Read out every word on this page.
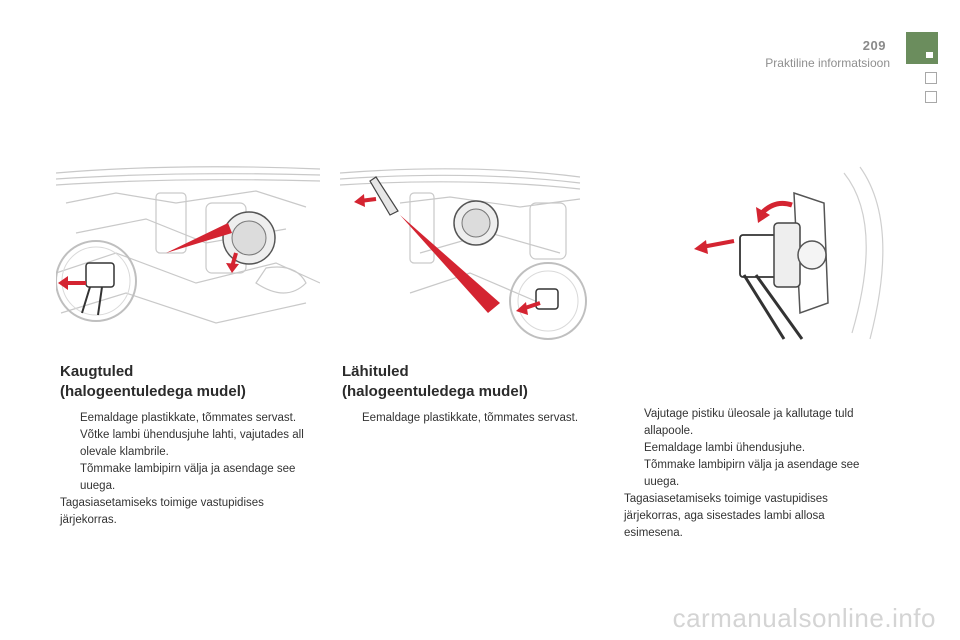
209
Praktiline informatsioon
Kaugtuled
(halogeentuledega mudel)
Eemaldage plastikkate, tõmmates servast.
Võtke lambi ühendusjuhe lahti, vajutades all olevale klambrile.
Tõmmake lambipirn välja ja asendage see uuega.

Tagasiasetamiseks toimige vastupidises järjekorras.

Lähituled
(halogeentuledega mudel)
Eemaldage plastikkate, tõmmates servast.	Vajutage pistiku üleosale ja kallutage tuld allapoole.
Eemaldage lambi ühendusjuhe.
Tõmmake lambipirn välja ja asendage see uuega.

Tagasiasetamiseks toimige vastupidises järjekorras, aga sisestades lambi allosa esimesena.

carmanualsonline.info
